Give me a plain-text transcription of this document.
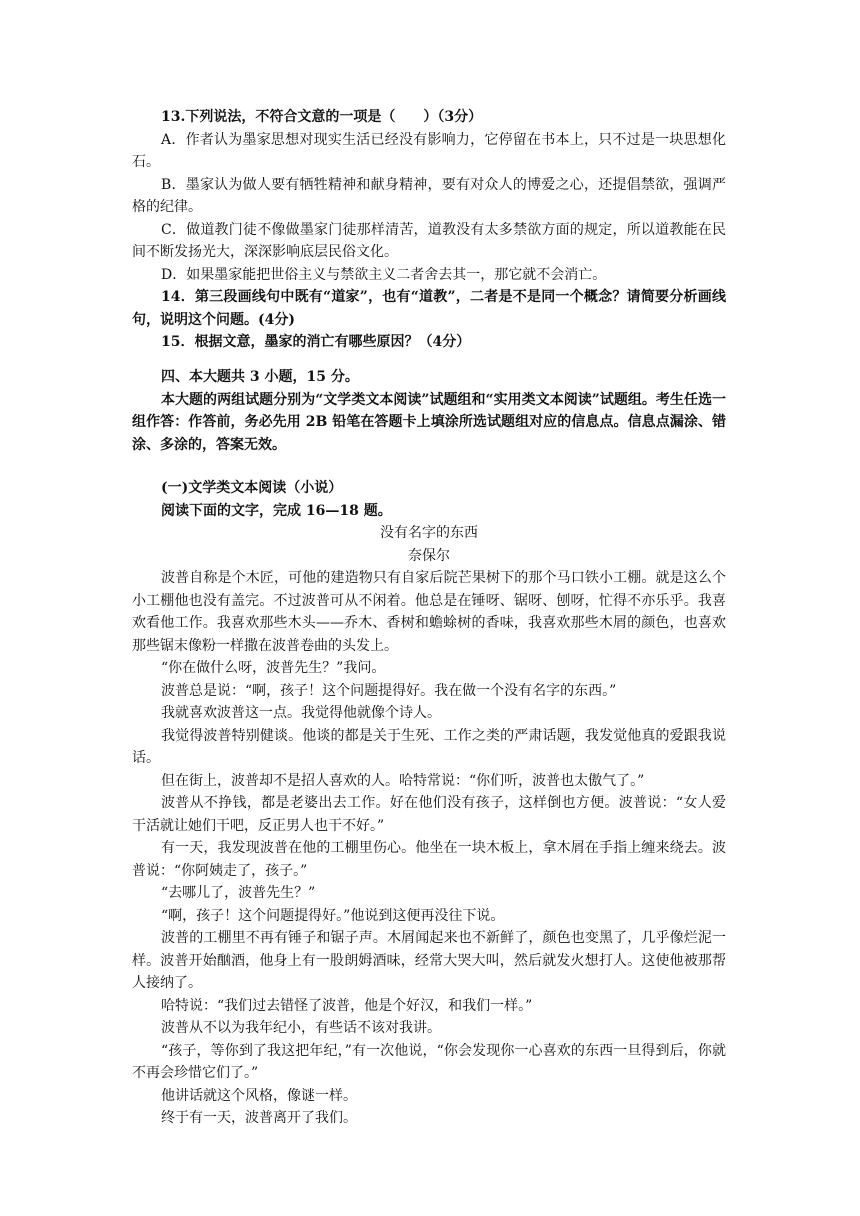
13.下列说法，不符合文意的一项是（　　）（3分）

A．作者认为墨家思想对现实生活已经没有影响力，它停留在书本上，只不过是一块思想化石。

B．墨家认为做人要有牺牲精神和献身精神，要有对众人的博爱之心，还提倡禁欲，强调严格的纪律。

C．做道教门徒不像做墨家门徒那样清苦，道教没有太多禁欲方面的规定，所以道教能在民间不断发扬光大，深深影响底层民俗文化。

D．如果墨家能把世俗主义与禁欲主义二者舍去其一，那它就不会消亡。

14．第三段画线句中既有“道家”，也有“道教”，二者是不是同一个概念？请简要分析画线句，说明这个问题。(4分)

15．根据文意，墨家的消亡有哪些原因？（4分）

四、本大题共 3 小题，15 分。

本大题的两组试题分别为“文学类文本阅读”试题组和“实用类文本阅读”试题组。考生任选一组作答：作答前，务必先用 2B 铅笔在答题卡上填涂所选试题组对应的信息点。信息点漏涂、错涂、多涂的，答案无效。

(一)文学类文本阅读（小说）

阅读下面的文字，完成 16—18 题。

没有名字的东西

奈保尔

波普自称是个木匠，可他的建造物只有自家后院芒果树下的那个马口铁小工棚。就是这么个小工棚他也没有盖完。不过波普可从不闲着。他总是在锤呀、锯呀、刨呀，忙得不亦乐乎。我喜欢看他工作。我喜欢那些木头——乔木、香树和蟾蜍树的香味，我喜欢那些木屑的颜色，也喜欢那些锯末像粉一样撒在波普卷曲的头发上。

“你在做什么呀，波普先生？”我问。

波普总是说：“啊，孩子！这个问题提得好。我在做一个没有名字的东西。”

我就喜欢波普这一点。我觉得他就像个诗人。

我觉得波普特别健谈。他谈的都是关于生死、工作之类的严肃话题，我发觉他真的爱跟我说话。

但在街上，波普却不是招人喜欢的人。哈特常说：“你们听，波普也太傲气了。”

波普从不挣钱，都是老婆出去工作。好在他们没有孩子，这样倒也方便。波普说：“女人爱干活就让她们干吧，反正男人也干不好。”

有一天，我发现波普在他的工棚里伤心。他坐在一块木板上，拿木屑在手指上缠来绕去。波普说：“你阿姨走了，孩子。”

“去哪儿了，波普先生？”

“啊，孩子！这个问题提得好。”他说到这便再没往下说。

波普的工棚里不再有锤子和锯子声。木屑闻起来也不新鲜了，颜色也变黑了，几乎像烂泥一样。波普开始酗酒，他身上有一股朗姆酒味，经常大哭大叫，然后就发火想打人。这使他被那帮人接纳了。

哈特说：“我们过去错怪了波普，他是个好汉，和我们一样。”

波普从不以为我年纪小，有些话不该对我讲。

“孩子，等你到了我这把年纪，”有一次他说，“你会发现你一心喜欢的东西一旦得到后，你就不再会珍惜它们了。”

他讲话就这个风格，像谜一样。

终于有一天，波普离开了我们。
